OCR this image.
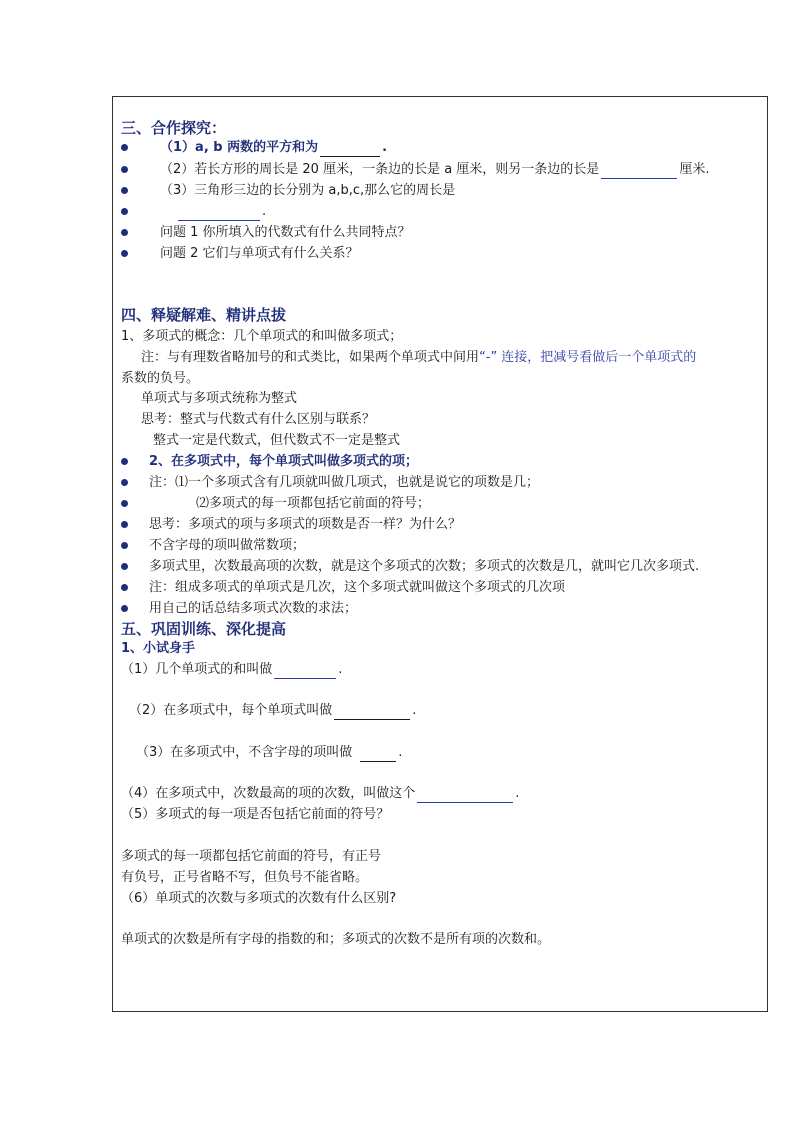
三、合作探究：
（1）a, b 两数的平方和为	.
（2）若长方形的周长是 20 厘米，一条边的长是 a 厘米，则另一条边的长是	厘米.
（3）三角形三边的长分别为 a,b,c,那么它的周长是
.
问题 1 你所填入的代数式有什么共同特点？
问题 2 它们与单项式有什么关系？
四、释疑解难、精讲点拔
1、多项式的概念：几个单项式的和叫做多项式；
注：与有理数省略加号的和式类比，如果两个单项式中间用“-” 连接，把减号看做后一个单项式的
系数的负号。
单项式与多项式统称为整式
思考：整式与代数式有什么区别与联系？
整式一定是代数式，但代数式不一定是整式
2、在多项式中，每个单项式叫做多项式的项；
注：⑴一个多项式含有几项就叫做几项式，也就是说它的项数是几；
⑵多项式的每一项都包括它前面的符号；
思考：多项式的项与多项式的项数是否一样？为什么？
不含字母的项叫做常数项；
多项式里，次数最高项的次数，就是这个多项式的次数；多项式的次数是几，就叫它几次多项式.
注：组成多项式的单项式是几次，这个多项式就叫做这个多项式的几次项
用自己的话总结多项式次数的求法；
五、巩固训练、深化提高
1、小试身手
（1）几个单项式的和叫做	.
（2）在多项式中，每个单项式叫做	.
（3）在多项式中，不含字母的项叫做	.
（4）在多项式中，次数最高的项的次数，叫做这个	.
（5）多项式的每一项是否包括它前面的符号？
多项式的每一项都包括它前面的符号，有正号
有负号，正号省略不写，但负号不能省略。
（6）单项式的次数与多项式的次数有什么区别?
单项式的次数是所有字母的指数的和；多项式的次数不是所有项的次数和。
